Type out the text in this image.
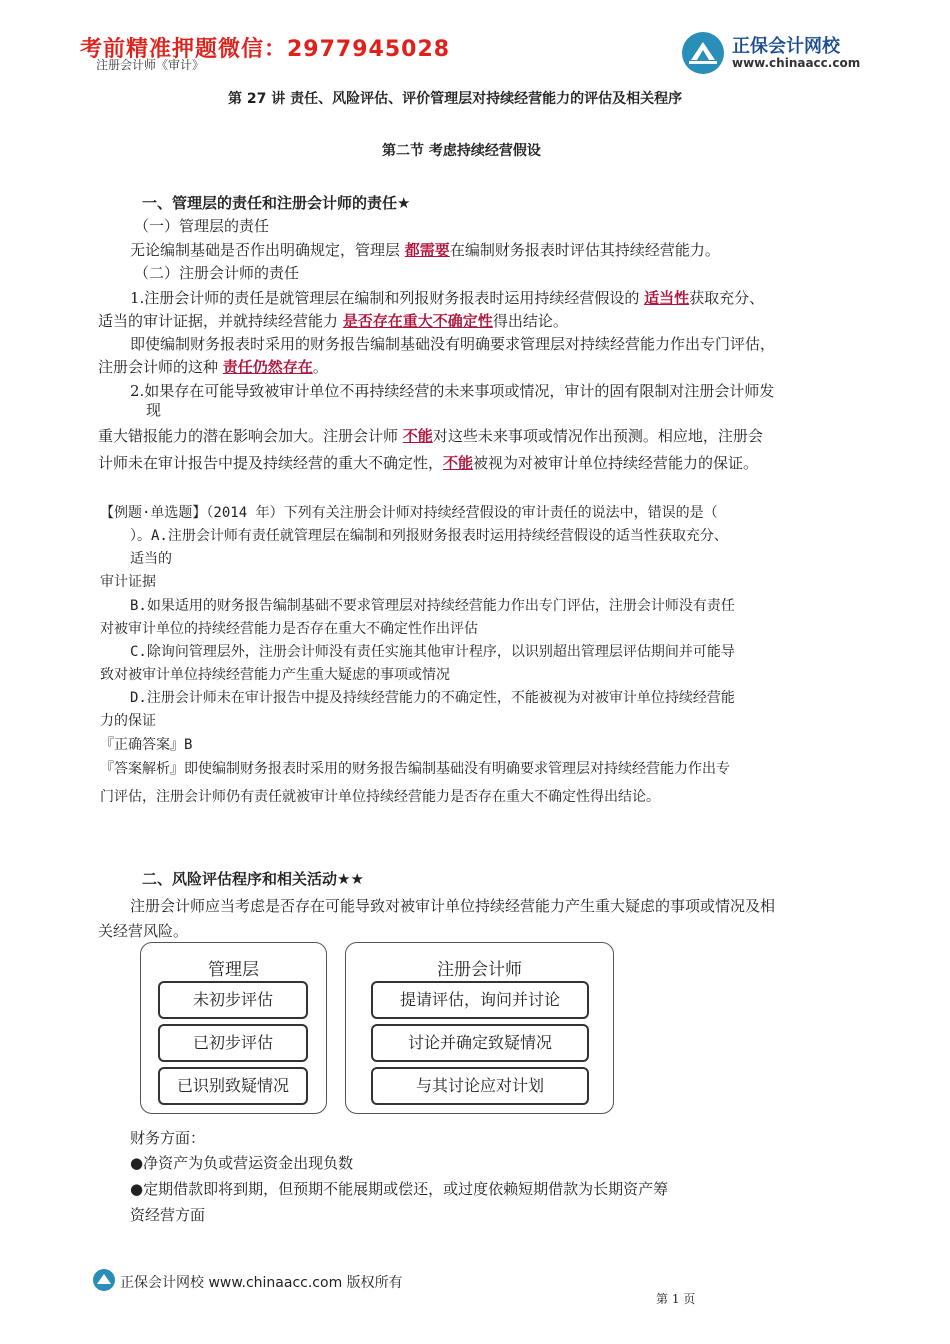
注册会计师《审计》
考前精准押题微信：2977945028	正保会计网校
www.chinaacc.com
第 27 讲 责任、风险评估、评价管理层对持续经营能力的评估及相关程序
第二节 考虑持续经营假设
一、管理层的责任和注册会计师的责任★
（一）管理层的责任
无论编制基础是否作出明确规定，管理层 都需要在编制财务报表时评估其持续经营能力。
（二）注册会计师的责任
1.注册会计师的责任是就管理层在编制和列报财务报表时运用持续经营假设的 适当性获取充分、
适当的审计证据，并就持续经营能力 是否存在重大不确定性得出结论。
即使编制财务报表时采用的财务报告编制基础没有明确要求管理层对持续经营能力作出专门评估，
注册会计师的这种 责任仍然存在。
2.如果存在可能导致被审计单位不再持续经营的未来事项或情况，审计的固有限制对注册会计师发
现
重大错报能力的潜在影响会加大。注册会计师 不能对这些未来事项或情况作出预测。相应地，注册会
计师未在审计报告中提及持续经营的重大不确定性，不能被视为对被审计单位持续经营能力的保证。
【例题·单选题】（2014 年）下列有关注册会计师对持续经营假设的审计责任的说法中，错误的是（
）。A.注册会计师有责任就管理层在编制和列报财务报表时运用持续经营假设的适当性获取充分、
适当的
审计证据
B.如果适用的财务报告编制基础不要求管理层对持续经营能力作出专门评估，注册会计师没有责任
对被审计单位的持续经营能力是否存在重大不确定性作出评估
C.除询问管理层外，注册会计师没有责任实施其他审计程序，以识别超出管理层评估期间并可能导
致对被审计单位持续经营能力产生重大疑虑的事项或情况
D.注册会计师未在审计报告中提及持续经营能力的不确定性，不能被视为对被审计单位持续经营能
力的保证
『正确答案』B
『答案解析』即使编制财务报表时采用的财务报告编制基础没有明确要求管理层对持续经营能力作出专
门评估，注册会计师仍有责任就被审计单位持续经营能力是否存在重大不确定性得出结论。
二、风险评估程序和相关活动★★
注册会计师应当考虑是否存在可能导致对被审计单位持续经营能力产生重大疑虑的事项或情况及相
关经营风险。
管理层
未初步评估
已初步评估
已识别致疑情况
注册会计师
提请评估，询问并讨论
讨论并确定致疑情况
与其讨论应对计划
财务方面：
●净资产为负或营运资金出现负数
●定期借款即将到期，但预期不能展期或偿还，或过度依赖短期借款为长期资产筹
资经营方面
正保会计网校 www.chinaacc.com 版权所有
第 1 页
